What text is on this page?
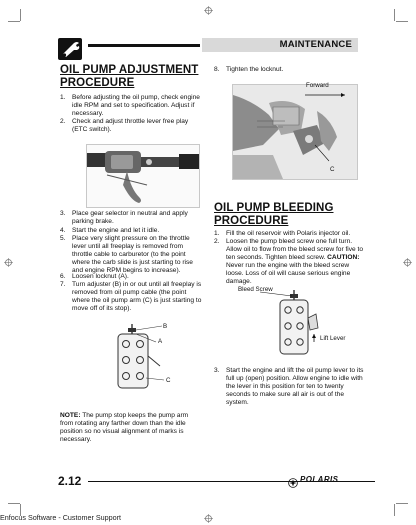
MAINTENANCE
OIL PUMP ADJUSTMENT PROCEDURE
1. Before adjusting the oil pump, check engine idle RPM and set to specification. Adjust if necessary.
2. Check and adjust throttle lever free play (ETC switch).
3. Place gear selector in neutral and apply parking brake.
4. Start the engine and let it idle.
5. Place very slight pressure on the throttle lever until all freeplay is removed from throttle cable to carburetor (to the point where the carb slide is just starting to rise and engine RPM begins to increase).
6. Loosen locknut (A).
7. Turn adjuster (B) in or out until all freeplay is removed from oil pump cable (the point where the oil pump arm (C) is just starting to move off of its stop).
B
A
C
NOTE: The pump stop keeps the pump arm from rotating any farther down than the idle position so no visual alignment of marks is necessary.
8. Tighten the locknut.
Forward
C
OIL PUMP BLEEDING PROCEDURE
1. Fill the oil reservoir with Polaris injector oil.
2. Loosen the pump bleed screw one full turn. Allow oil to flow from the bleed screw for five to ten seconds. Tighten bleed screw. CAUTION: Never run the engine with the bleed screw loose. Loss of oil will cause serious engine damage.
Bleed Screw
Lift Lever
3. Start the engine and lift the oil pump lever to its full up (open) position. Allow engine to idle with the lever in this position for ten to twenty seconds to make sure all air is out of the system.
2.12	POLARIS
Enfocus Software - Customer Support
